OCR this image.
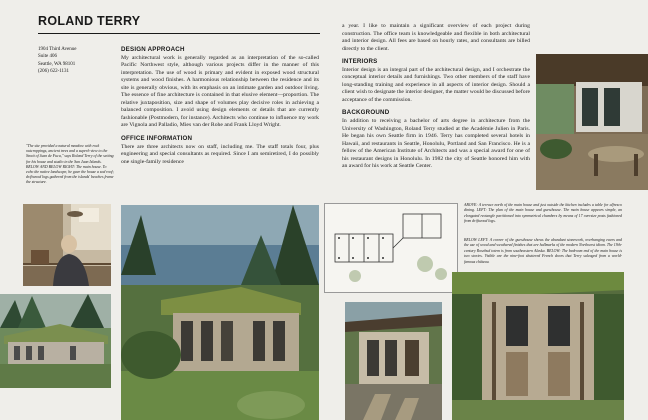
ROLAND TERRY
1904 Third Avenue
Suite 406
Seattle, WA 98101
(206) 622-1131
"The site provided a natural meadow with rock outcroppings, ancient trees and a superb view to the Strait of Juan de Fuca," says Roland Terry of the setting for his house and studio in the San Juan Islands. BELOW AND BELOW RIGHT: The main house. To echo the native landscape, he gave the house a sod roof; driftwood logs gathered from the islands' beaches frame the structure.
DESIGN APPROACH
My architectural work is generally regarded as an interpretation of the so-called Pacific Northwest style, although various projects differ in the manner of this interpretation. The use of wood is primary and evident in exposed wood structural systems and wood finishes. A harmonious relationship between the residence and its site is generally obvious, with its emphasis on an intimate garden and outdoor living. The essence of fine architecture is contained in that elusive element—proportion. The relative juxtaposition, size and shape of volumes play decisive roles in achieving a balanced composition. I avoid using design elements or details that are currently fashionable (Postmodern, for instance). Architects who continue to influence my work are Vignola and Palladio, Mies van der Rohe and Frank Lloyd Wright.
OFFICE INFORMATION
There are three architects now on staff, including me. The staff totals four, plus engineering and special consultants as required. Since I am semiretired, I do possibly one single-family residence
a year. I like to maintain a significant overview of each project during construction. The office team is knowledgeable and flexible in both architectural and interior design. All fees are based on hourly rates, and consultants are billed directly to the client.
INTERIORS
Interior design is an integral part of the architectural design, and I orchestrate the conceptual interior details and furnishings. Two other members of the staff have long-standing training and experience in all aspects of interior design. Should a client wish to designate the interior designer, the matter would be discussed before acceptance of the commission.
BACKGROUND
In addition to receiving a bachelor of arts degree in architecture from the University of Washington, Roland Terry studied at the Académie Julien in Paris. He began his own Seattle firm in 1946. Terry has completed several hotels in Hawaii, and restaurants in Seattle, Honolulu, Portland and San Francisco. He is a fellow of the American Institute of Architects and was a special award for one of his restaurant designs in Honolulu. In 1982 the city of Seattle honored him with an award for his work at Seattle Center.
ABOVE: A terrace north of the main house and just outside the kitchen includes a table for alfresco dining. LEFT: The plan of the main house and guesthouse. The main house appears simple, an elongated rectangle partitioned into symmetrical chambers by means of 17 oversize posts fashioned from driftwood logs.
BELOW LEFT: A corner of the guesthouse shows the abundant stonework, overhanging eaves and the use of wood and weathered finishes that are hallmarks of the modern Northwest idiom. The 19th-century Rosebud totem is from southeastern Alaska. BELOW: The bedroom end of the main house is two stories. Visible are the nine-foot shuttered French doors that Terry salvaged from a world-famous château.
